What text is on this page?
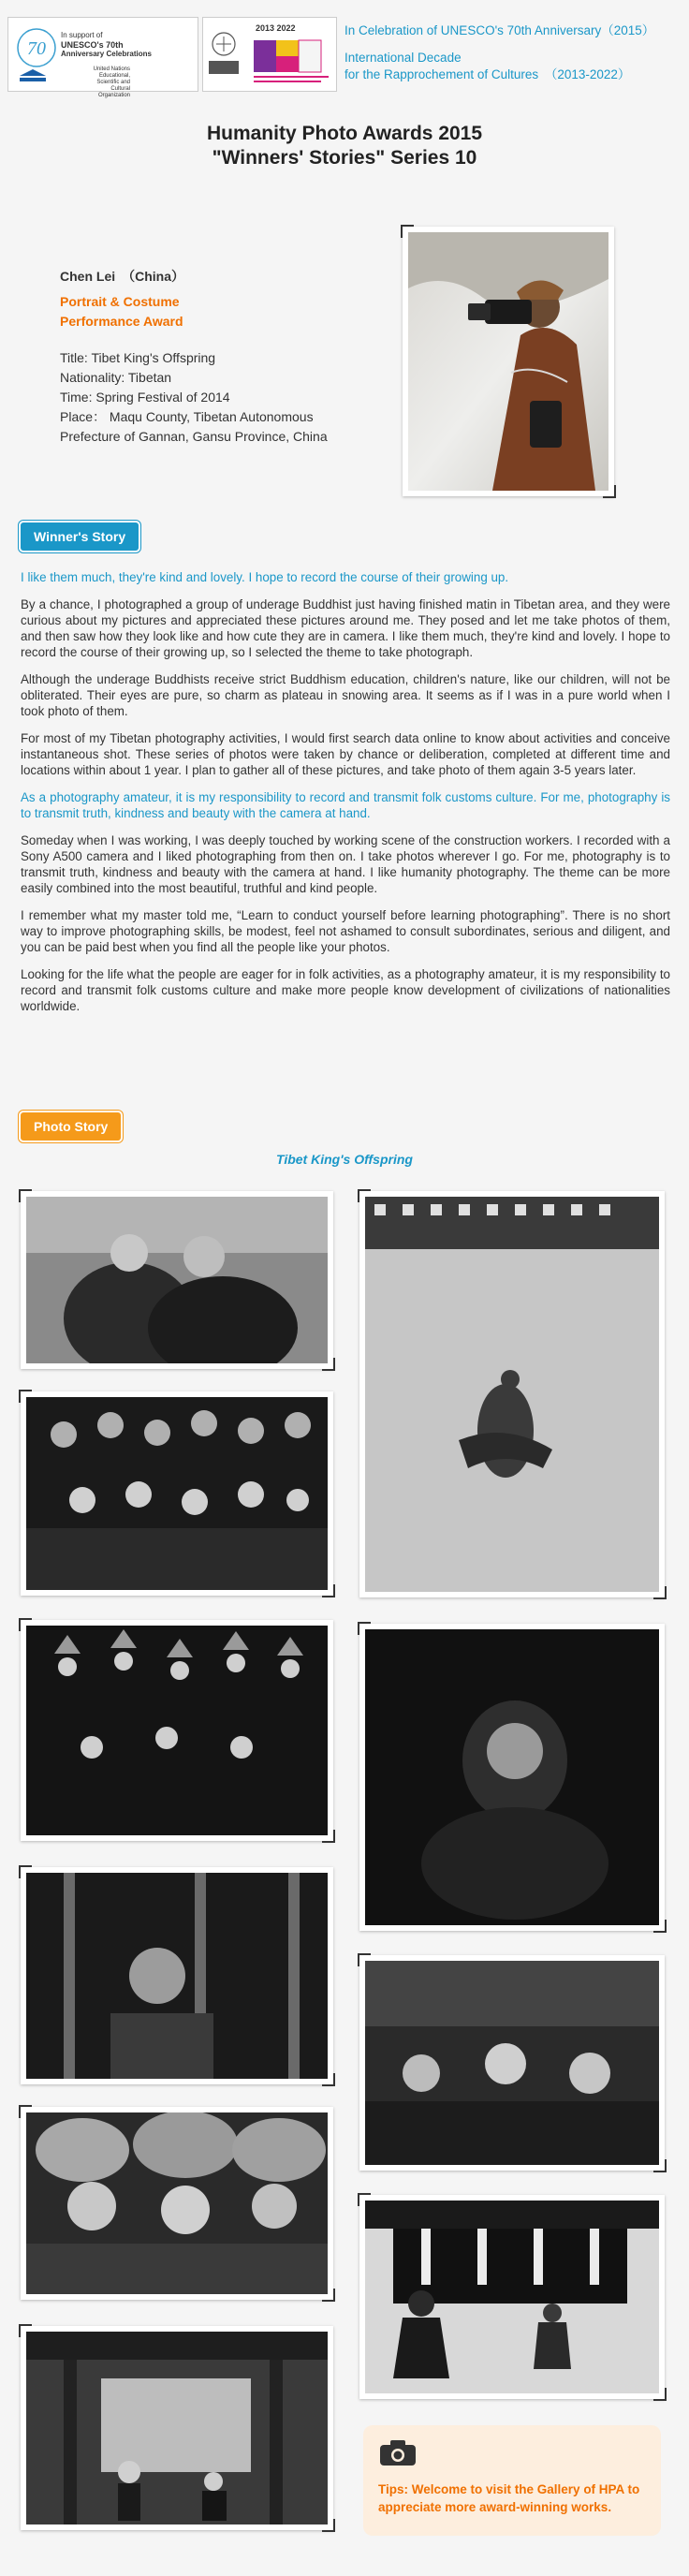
70
In support of
UNESCO's 70th
Anniversary Celebrations
United Nations Educational, Scientific and Cultural Organization
2013 2022	In Celebration of UNESCO's 70th Anniversary（2015）
International Decade
for the Rapprochement of Cultures　（2013-2022）
Humanity Photo Awards 2015
"Winners' Stories" Series 10
Chen Lei　（China）
Portrait & Costume
Performance Award
Title: Tibet King's Offspring
Nationality: Tibetan
Time: Spring Festival of 2014
Place： Maqu County, Tibetan Autonomous
Prefecture of Gannan, Gansu Province, China
Winner's Story

I like them much, they're kind and lovely. I hope to record the course of their growing up.

By a chance, I photographed a group of underage Buddhist just having finished matin in Tibetan area, and they were curious about my pictures and appreciated these pictures around me. They posed and let me take photos of them, and then saw how they look like and how cute they are in camera. I like them much, they're kind and lovely. I hope to record the course of their growing up, so I selected the theme to take photograph.

Although the underage Buddhists receive strict Buddhism education, children's nature, like our children, will not be obliterated. Their eyes are pure, so charm as plateau in snowing area. It seems as if I was in a pure world when I took photo of them.

For most of my Tibetan photography activities, I would first search data online to know about activities and conceive instantaneous shot. These series of photos were taken by chance or deliberation, completed at different time and locations within about 1 year. I plan to gather all of these pictures, and take photo of them again 3-5 years later.

As a photography amateur, it is my responsibility to record and transmit folk customs culture. For me, photography is to transmit truth, kindness and beauty with the camera at hand.

Someday when I was working, I was deeply touched by working scene of the construction workers. I recorded with a Sony A500 camera and I liked photographing from then on. I take photos wherever I go. For me, photography is to transmit truth, kindness and beauty with the camera at hand. I like humanity photography. The theme can be more easily combined into the most beautiful, truthful and kind people.

I remember what my master told me, “Learn to conduct yourself before learning photographing”. There is no short way to improve photographing skills, be modest, feel not ashamed to consult subordinates, serious and diligent, and you can be paid best when you find all the people like your photos.

Looking for the life what the people are eager for in folk activities, as a photography amateur, it is my responsibility to record and transmit folk customs culture and make more people know development of civilizations of nationalities worldwide.

Photo Story
Tibet King's Offspring
Tips: Welcome to visit the Gallery of HPA to appreciate more award-winning works.
